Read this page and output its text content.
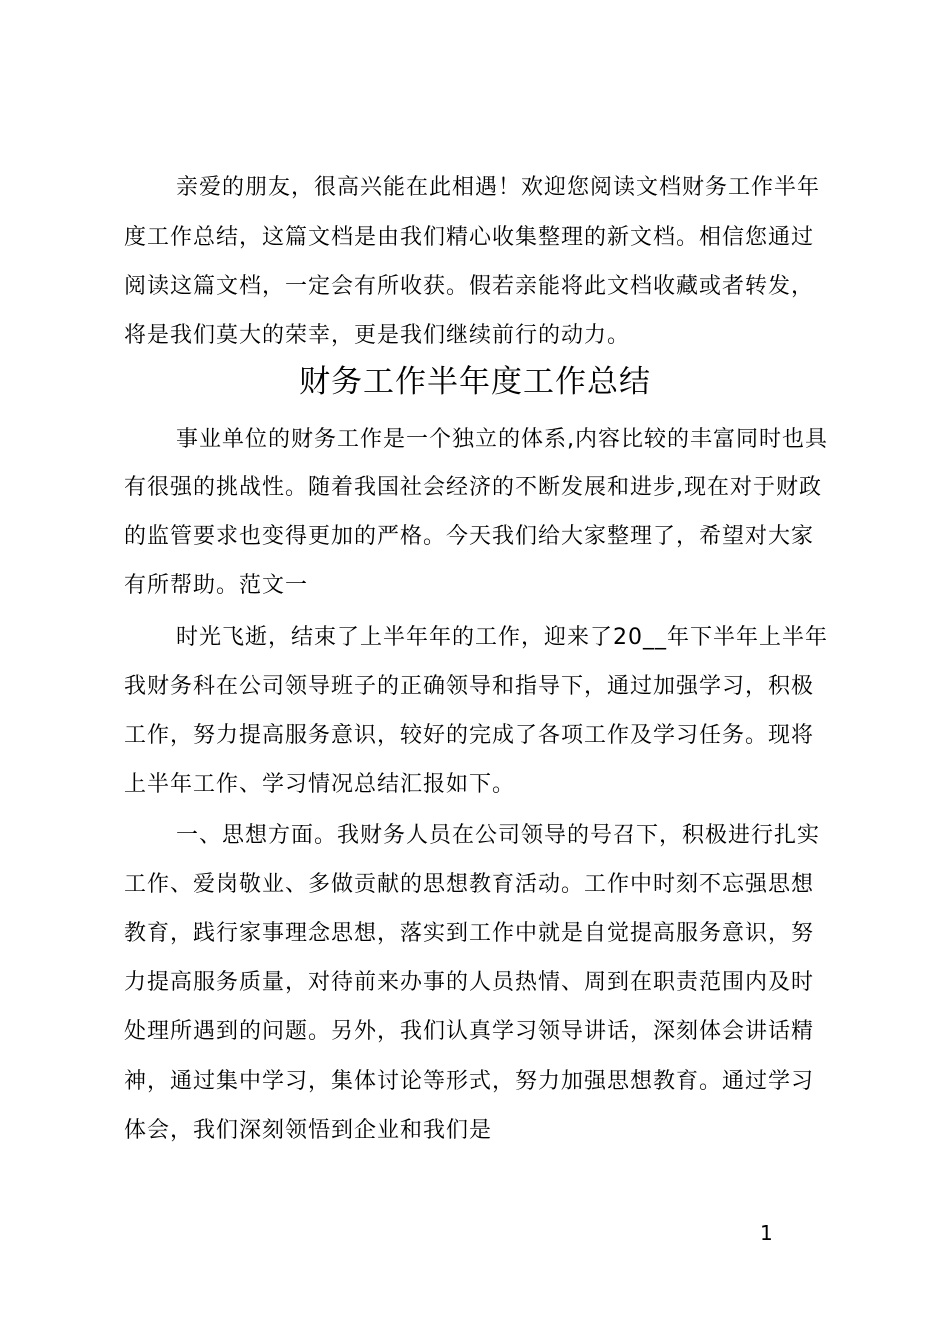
亲爱的朋友，很高兴能在此相遇！欢迎您阅读文档财务工作半年
度工作总结，这篇文档是由我们精心收集整理的新文档。相信您通过
阅读这篇文档，一定会有所收获。假若亲能将此文档收藏或者转发，
将是我们莫大的荣幸，更是我们继续前行的动力。
财务工作半年度工作总结
事业单位的财务工作是一个独立的体系,内容比较的丰富同时也具
有很强的挑战性。随着我国社会经济的不断发展和进步,现在对于财政
的监管要求也变得更加的严格。今天我们给大家整理了，希望对大家
有所帮助。范文一
时光飞逝，结束了上半年年的工作，迎来了20__年下半年上半年
我财务科在公司领导班子的正确领导和指导下，通过加强学习，积极
工作，努力提高服务意识，较好的完成了各项工作及学习任务。现将
上半年工作、学习情况总结汇报如下。
一、思想方面。我财务人员在公司领导的号召下，积极进行扎实
工作、爱岗敬业、多做贡献的思想教育活动。工作中时刻不忘强思想
教育，践行家事理念思想，落实到工作中就是自觉提高服务意识，努
力提高服务质量，对待前来办事的人员热情、周到在职责范围内及时
处理所遇到的问题。另外，我们认真学习领导讲话，深刻体会讲话精
神，通过集中学习，集体讨论等形式，努力加强思想教育。通过学习
体会，我们深刻领悟到企业和我们是
1
